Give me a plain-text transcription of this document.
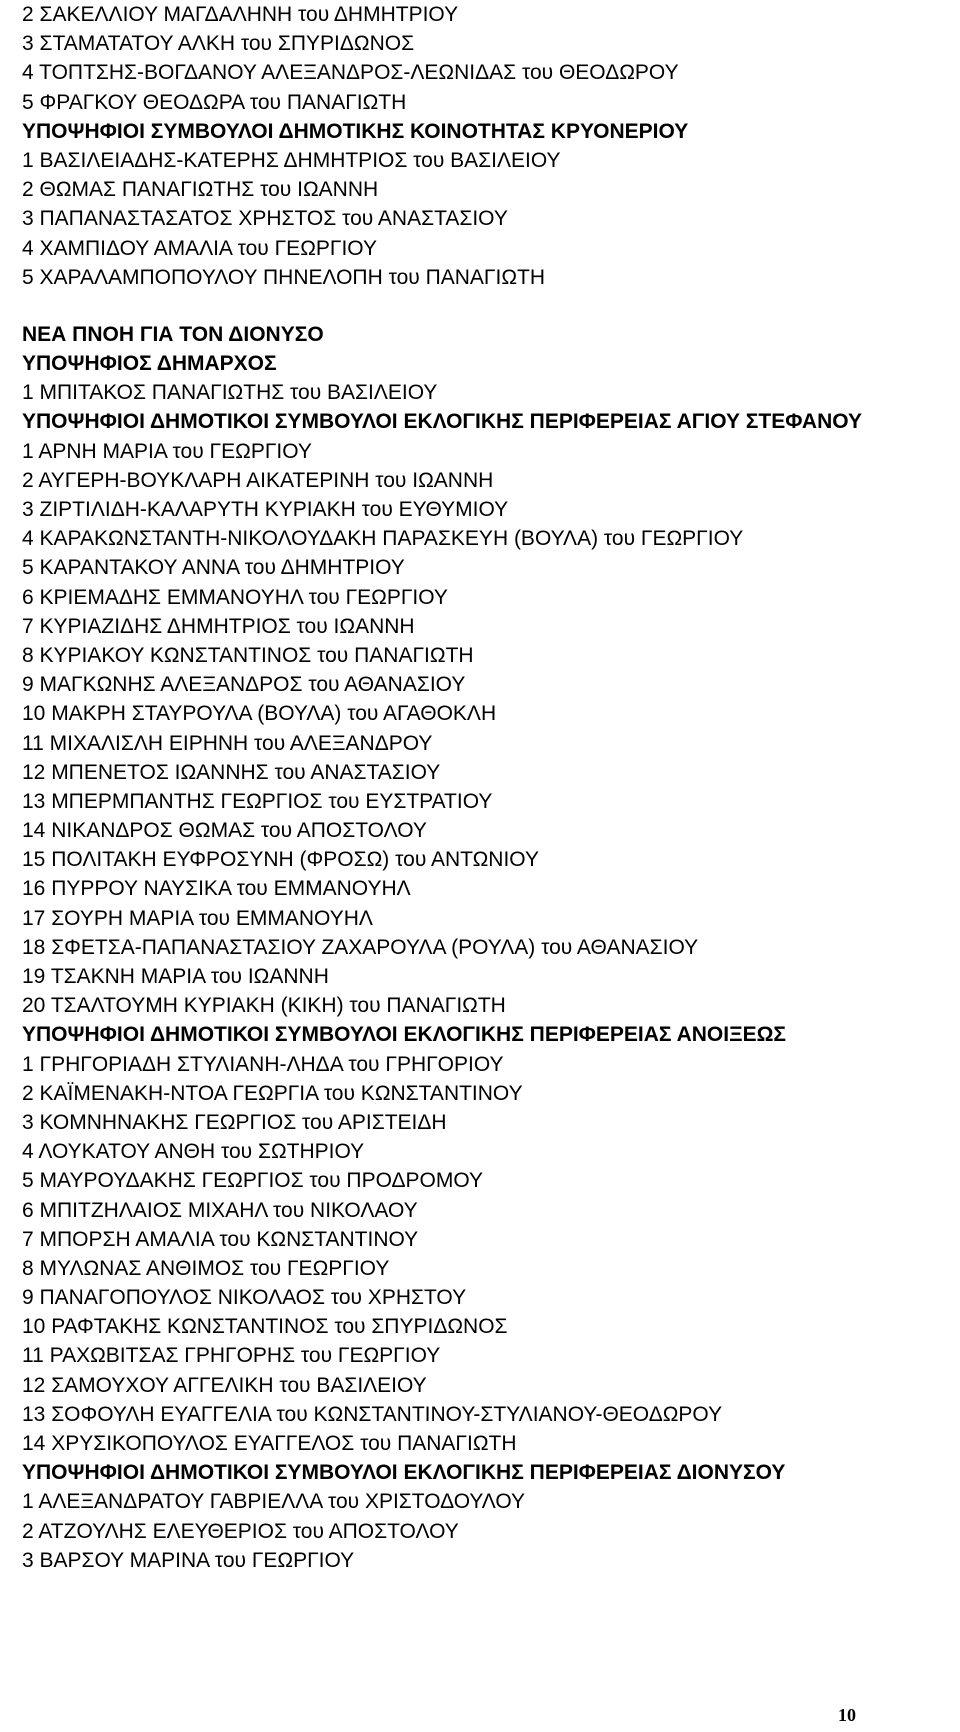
2 ΣΑΚΕΛΛΙΟΥ ΜΑΓΔΑΛΗΝΗ του ΔΗΜΗΤΡΙΟΥ
3 ΣΤΑΜΑΤΑΤΟΥ ΑΛΚΗ του ΣΠΥΡΙΔΩΝΟΣ
4 ΤΟΠΤΣΗΣ-ΒΟΓΔΑΝΟΥ ΑΛΕΞΑΝΔΡΟΣ-ΛΕΩΝΙΔΑΣ του ΘΕΟΔΩΡΟΥ
5 ΦΡΑΓΚΟΥ ΘΕΟΔΩΡΑ του ΠΑΝΑΓΙΩΤΗ
ΥΠΟΨΗΦΙΟΙ ΣΥΜΒΟΥΛΟΙ ΔΗΜΟΤΙΚΗΣ ΚΟΙΝΟΤΗΤΑΣ ΚΡΥΟΝΕΡΙΟΥ
1 ΒΑΣΙΛΕΙΑΔΗΣ-ΚΑΤΕΡΗΣ ΔΗΜΗΤΡΙΟΣ του ΒΑΣΙΛΕΙΟΥ
2 ΘΩΜΑΣ ΠΑΝΑΓΙΩΤΗΣ του ΙΩΑΝΝΗ
3 ΠΑΠΑΝΑΣΤΑΣΑΤΟΣ ΧΡΗΣΤΟΣ του ΑΝΑΣΤΑΣΙΟΥ
4 ΧΑΜΠΙΔΟΥ ΑΜΑΛΙΑ του ΓΕΩΡΓΙΟΥ
5 ΧΑΡΑΛΑΜΠΟΠΟΥΛΟΥ ΠΗΝΕΛΟΠΗ του ΠΑΝΑΓΙΩΤΗ
ΝΕΑ ΠΝΟΗ ΓΙΑ ΤΟΝ ΔΙΟΝΥΣΟ
ΥΠΟΨΗΦΙΟΣ ΔΗΜΑΡΧΟΣ
1 ΜΠΙΤΑΚΟΣ ΠΑΝΑΓΙΩΤΗΣ του ΒΑΣΙΛΕΙΟΥ
ΥΠΟΨΗΦΙΟΙ ΔΗΜΟΤΙΚΟΙ ΣΥΜΒΟΥΛΟΙ ΕΚΛΟΓΙΚΗΣ ΠΕΡΙΦΕΡΕΙΑΣ ΑΓΙΟΥ ΣΤΕΦΑΝΟΥ
1 ΑΡΝΗ ΜΑΡΙΑ του ΓΕΩΡΓΙΟΥ
2 ΑΥΓΕΡΗ-ΒΟΥΚΛΑΡΗ ΑΙΚΑΤΕΡΙΝΗ του ΙΩΑΝΝΗ
3 ΖΙΡΤΙΛΙΔΗ-ΚΑΛΑΡΥΤΗ ΚΥΡΙΑΚΗ του ΕΥΘΥΜΙΟΥ
4 ΚΑΡΑΚΩΝΣΤΑΝΤΗ-ΝΙΚΟΛΟΥΔΑΚΗ ΠΑΡΑΣΚΕΥΗ (ΒΟΥΛΑ) του ΓΕΩΡΓΙΟΥ
5 ΚΑΡΑΝΤΑΚΟΥ ΑΝΝΑ του ΔΗΜΗΤΡΙΟΥ
6 ΚΡΙΕΜΑΔΗΣ ΕΜΜΑΝΟΥΗΛ του ΓΕΩΡΓΙΟΥ
7 ΚΥΡΙΑΖΙΔΗΣ ΔΗΜΗΤΡΙΟΣ του ΙΩΑΝΝΗ
8 ΚΥΡΙΑΚΟΥ ΚΩΝΣΤΑΝΤΙΝΟΣ του ΠΑΝΑΓΙΩΤΗ
9 ΜΑΓΚΩΝΗΣ ΑΛΕΞΑΝΔΡΟΣ του ΑΘΑΝΑΣΙΟΥ
10 ΜΑΚΡΗ ΣΤΑΥΡΟΥΛΑ (ΒΟΥΛΑ) του ΑΓΑΘΟΚΛΗ
11 ΜΙΧΑΛΙΣΛΗ ΕΙΡΗΝΗ του ΑΛΕΞΑΝΔΡΟΥ
12 ΜΠΕΝΕΤΟΣ ΙΩΑΝΝΗΣ του ΑΝΑΣΤΑΣΙΟΥ
13 ΜΠΕΡΜΠΑΝΤΗΣ ΓΕΩΡΓΙΟΣ του ΕΥΣΤΡΑΤΙΟΥ
14 ΝΙΚΑΝΔΡΟΣ ΘΩΜΑΣ του ΑΠΟΣΤΟΛΟΥ
15 ΠΟΛΙΤΑΚΗ ΕΥΦΡΟΣΥΝΗ (ΦΡΟΣΩ) του ΑΝΤΩΝΙΟΥ
16 ΠΥΡΡΟΥ ΝΑΥΣΙΚΑ του ΕΜΜΑΝΟΥΗΛ
17 ΣΟΥΡΗ ΜΑΡΙΑ του ΕΜΜΑΝΟΥΗΛ
18 ΣΦΕΤΣΑ-ΠΑΠΑΝΑΣΤΑΣΙΟΥ ΖΑΧΑΡΟΥΛΑ (ΡΟΥΛΑ) του ΑΘΑΝΑΣΙΟΥ
19 ΤΣΑΚΝΗ ΜΑΡΙΑ του ΙΩΑΝΝΗ
20 ΤΣΑΛΤΟΥΜΗ ΚΥΡΙΑΚΗ (ΚΙΚΗ) του ΠΑΝΑΓΙΩΤΗ
ΥΠΟΨΗΦΙΟΙ ΔΗΜΟΤΙΚΟΙ ΣΥΜΒΟΥΛΟΙ ΕΚΛΟΓΙΚΗΣ ΠΕΡΙΦΕΡΕΙΑΣ ΑΝΟΙΞΕΩΣ
1 ΓΡΗΓΟΡΙΑΔΗ ΣΤΥΛΙΑΝΗ-ΛΗΔΑ του ΓΡΗΓΟΡΙΟΥ
2 ΚΑΪΜΕΝΑΚΗ-ΝΤΟΑ ΓΕΩΡΓΙΑ του ΚΩΝΣΤΑΝΤΙΝΟΥ
3 ΚΟΜΝΗΝΑΚΗΣ ΓΕΩΡΓΙΟΣ του ΑΡΙΣΤΕΙΔΗ
4 ΛΟΥΚΑΤΟΥ ΑΝΘΗ του ΣΩΤΗΡΙΟΥ
5 ΜΑΥΡΟΥΔΑΚΗΣ ΓΕΩΡΓΙΟΣ του ΠΡΟΔΡΟΜΟΥ
6 ΜΠΙΤΖΗΛΑΙΟΣ ΜΙΧΑΗΛ του ΝΙΚΟΛΑΟΥ
7 ΜΠΟΡΣΗ ΑΜΑΛΙΑ του ΚΩΝΣΤΑΝΤΙΝΟΥ
8 ΜΥΛΩΝΑΣ ΑΝΘΙΜΟΣ του ΓΕΩΡΓΙΟΥ
9 ΠΑΝΑΓΟΠΟΥΛΟΣ ΝΙΚΟΛΑΟΣ του ΧΡΗΣΤΟΥ
10 ΡΑΦΤΑΚΗΣ ΚΩΝΣΤΑΝΤΙΝΟΣ του ΣΠΥΡΙΔΩΝΟΣ
11 ΡΑΧΩΒΙΤΣΑΣ ΓΡΗΓΟΡΗΣ του ΓΕΩΡΓΙΟΥ
12 ΣΑΜΟΥΧΟΥ ΑΓΓΕΛΙΚΗ του ΒΑΣΙΛΕΙΟΥ
13 ΣΟΦΟΥΛΗ ΕΥΑΓΓΕΛΙΑ του ΚΩΝΣΤΑΝΤΙΝΟΥ-ΣΤΥΛΙΑΝΟΥ-ΘΕΟΔΩΡΟΥ
14 ΧΡΥΣΙΚΟΠΟΥΛΟΣ ΕΥΑΓΓΕΛΟΣ του ΠΑΝΑΓΙΩΤΗ
ΥΠΟΨΗΦΙΟΙ ΔΗΜΟΤΙΚΟΙ ΣΥΜΒΟΥΛΟΙ ΕΚΛΟΓΙΚΗΣ ΠΕΡΙΦΕΡΕΙΑΣ ΔΙΟΝΥΣΟΥ
1 ΑΛΕΞΑΝΔΡΑΤΟΥ ΓΑΒΡΙΕΛΛΑ του ΧΡΙΣΤΟΔΟΥΛΟΥ
2 ΑΤΖΟΥΛΗΣ ΕΛΕΥΘΕΡΙΟΣ του ΑΠΟΣΤΟΛΟΥ
3 ΒΑΡΣΟΥ ΜΑΡΙΝΑ του ΓΕΩΡΓΙΟΥ
10
